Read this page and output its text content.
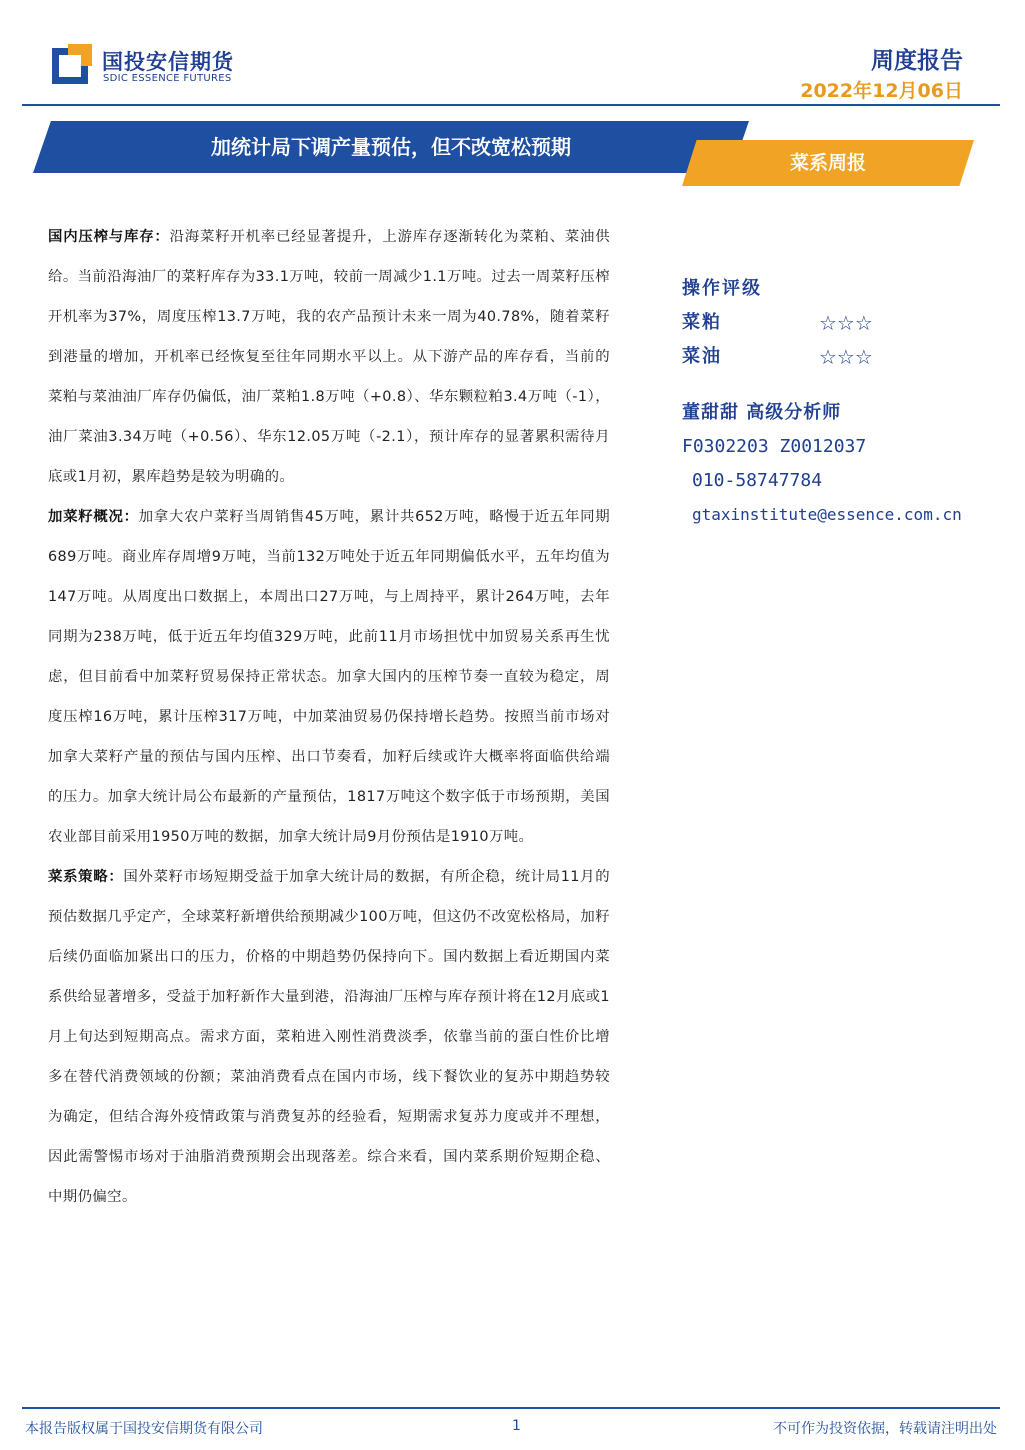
国投安信期货
SDIC ESSENCE FUTURES
周度报告
2022年12月06日
加统计局下调产量预估，但不改宽松预期
菜系周报

国内压榨与库存：沿海菜籽开机率已经显著提升，上游库存逐渐转化为菜粕、菜油供给。当前沿海油厂的菜籽库存为33.1万吨，较前一周减少1.1万吨。过去一周菜籽压榨开机率为37%，周度压榨13.7万吨，我的农产品预计未来一周为40.78%，随着菜籽到港量的增加，开机率已经恢复至往年同期水平以上。从下游产品的库存看，当前的菜粕与菜油油厂库存仍偏低，油厂菜粕1.8万吨（+0.8）、华东颗粒粕3.4万吨（-1），油厂菜油3.34万吨（+0.56）、华东12.05万吨（-2.1），预计库存的显著累积需待月底或1月初，累库趋势是较为明确的。

加菜籽概况：加拿大农户菜籽当周销售45万吨，累计共652万吨，略慢于近五年同期689万吨。商业库存周增9万吨，当前132万吨处于近五年同期偏低水平，五年均值为147万吨。从周度出口数据上，本周出口27万吨，与上周持平，累计264万吨，去年同期为238万吨，低于近五年均值329万吨，此前11月市场担忧中加贸易关系再生忧虑，但目前看中加菜籽贸易保持正常状态。加拿大国内的压榨节奏一直较为稳定，周度压榨16万吨，累计压榨317万吨，中加菜油贸易仍保持增长趋势。按照当前市场对加拿大菜籽产量的预估与国内压榨、出口节奏看，加籽后续或许大概率将面临供给端的压力。加拿大统计局公布最新的产量预估，1817万吨这个数字低于市场预期，美国农业部目前采用1950万吨的数据，加拿大统计局9月份预估是1910万吨。

菜系策略：国外菜籽市场短期受益于加拿大统计局的数据，有所企稳，统计局11月的预估数据几乎定产，全球菜籽新增供给预期减少100万吨，但这仍不改宽松格局，加籽后续仍面临加紧出口的压力，价格的中期趋势仍保持向下。国内数据上看近期国内菜系供给显著增多，受益于加籽新作大量到港，沿海油厂压榨与库存预计将在12月底或1月上旬达到短期高点。需求方面，菜粕进入刚性消费淡季，依靠当前的蛋白性价比增多在替代消费领域的份额；菜油消费看点在国内市场，线下餐饮业的复苏中期趋势较为确定，但结合海外疫情政策与消费复苏的经验看，短期需求复苏力度或并不理想，因此需警惕市场对于油脂消费预期会出现落差。综合来看，国内菜系期价短期企稳、中期仍偏空。

操作评级
菜粕	☆☆☆
菜油	☆☆☆
董甜甜 高级分析师
F0302203 Z0012037
010-58747784
gtaxinstitute@essence.com.cn
本报告版权属于国投安信期货有限公司	1	不可作为投资依据，转载请注明出处
